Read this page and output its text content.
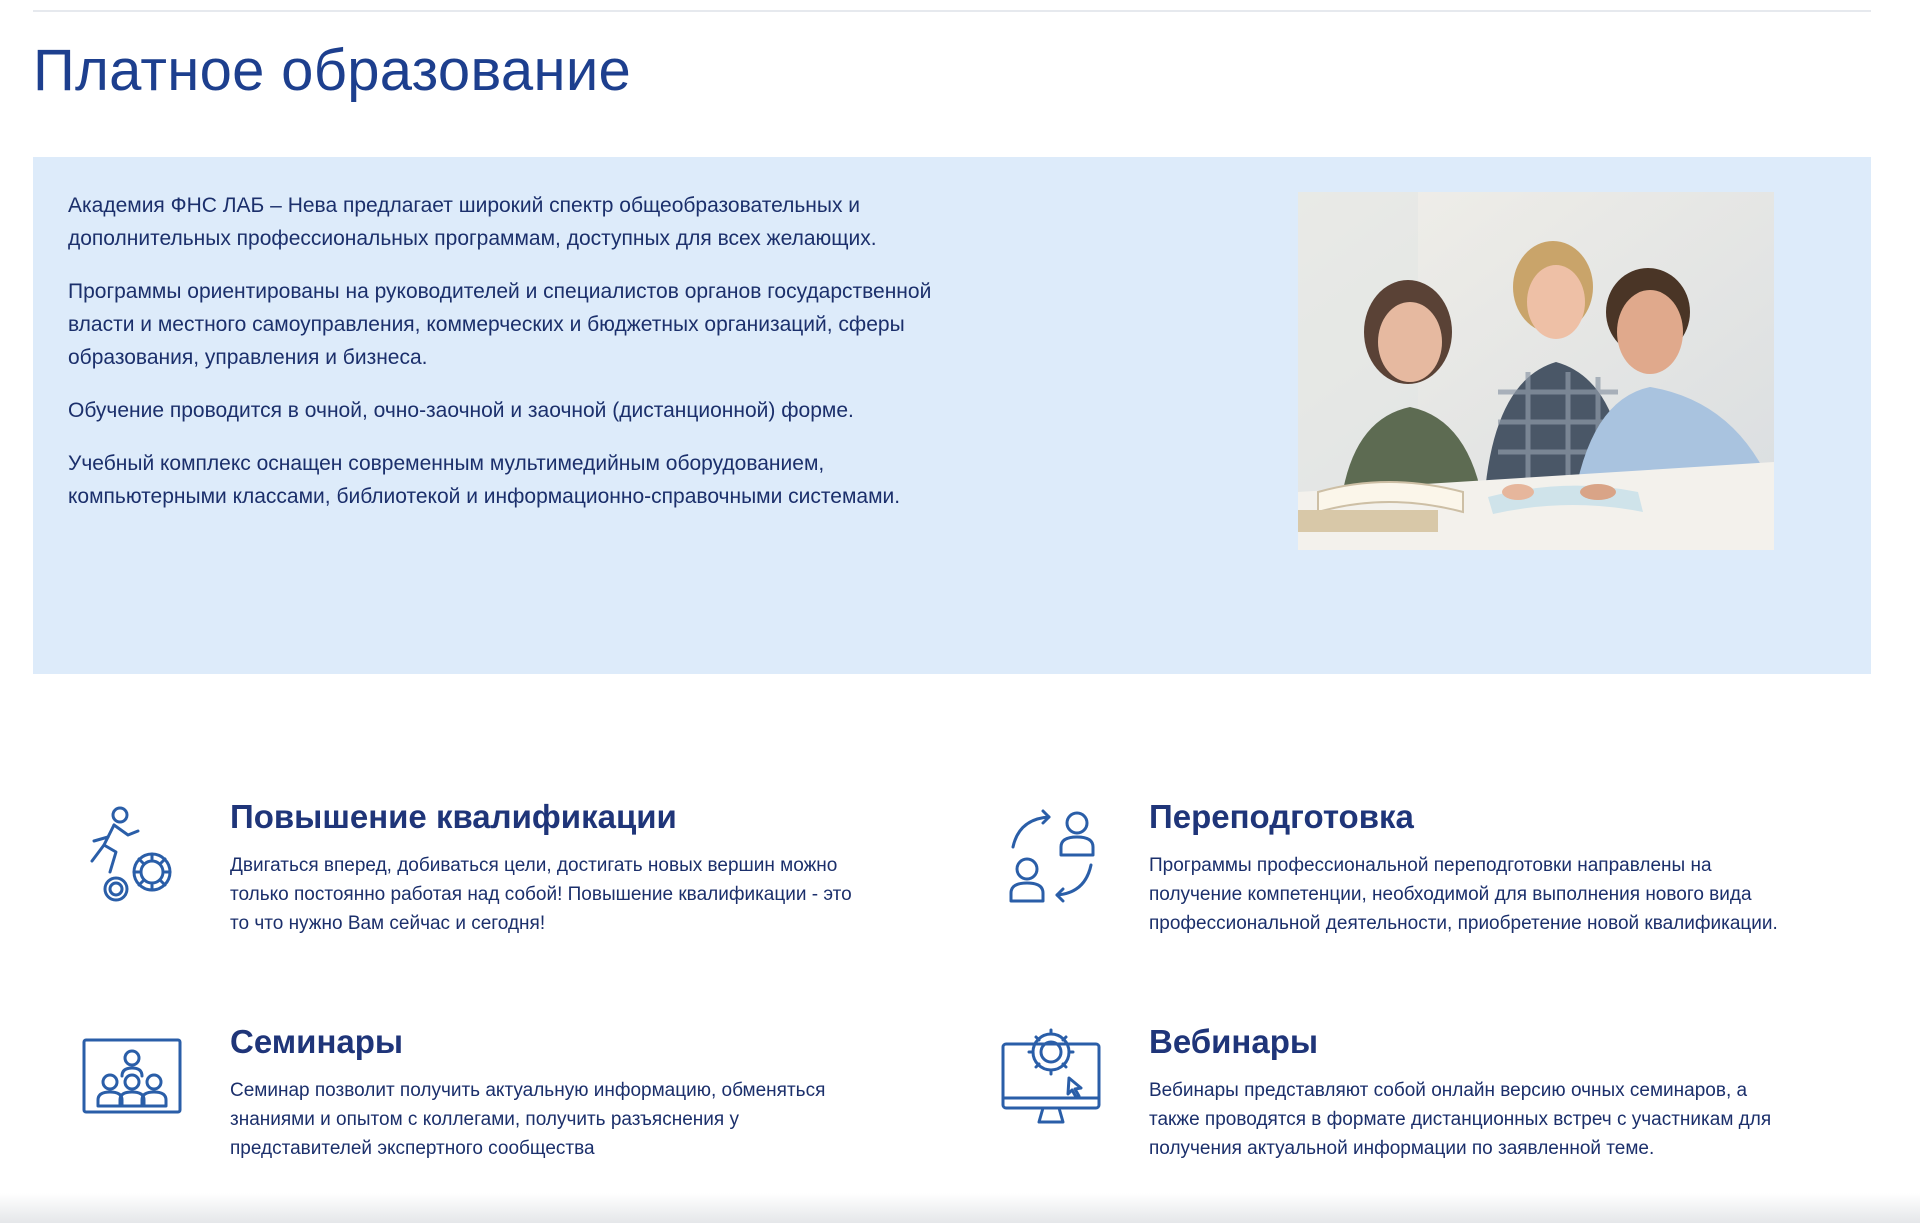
Платное образование

Академия ФНС ЛАБ – Нева предлагает широкий спектр общеобразовательных и дополнительных профессиональных программам, доступных для всех желающих.

Программы ориентированы на руководителей и специалистов органов государственной власти и местного самоуправления, коммерческих и бюджетных организаций, сферы образования, управления и бизнеса.

Обучение проводится в очной, очно-заочной и заочной (дистанционной) форме.

Учебный комплекс оснащен современным мультимедийным оборудованием, компьютерными классами, библиотекой и информационно-справочными системами.

Повышение квалификации

Двигаться вперед, добиваться цели, достигать новых вершин можно только постоянно работая над собой! Повышение квалификации - это то что нужно Вам сейчас и сегодня!

Переподготовка

Программы профессиональной переподготовки направлены на получение компетенции, необходимой для выполнения нового вида профессиональной деятельности, приобретение новой квалификации.

Семинары

Семинар позволит получить актуальную информацию, обменяться знаниями и опытом с коллегами, получить разъяснения у представителей экспертного сообщества

Вебинары

Вебинары представляют собой онлайн версию очных семинаров, а также проводятся в формате дистанционных встреч с участникам для получения актуальной информации по заявленной теме.
